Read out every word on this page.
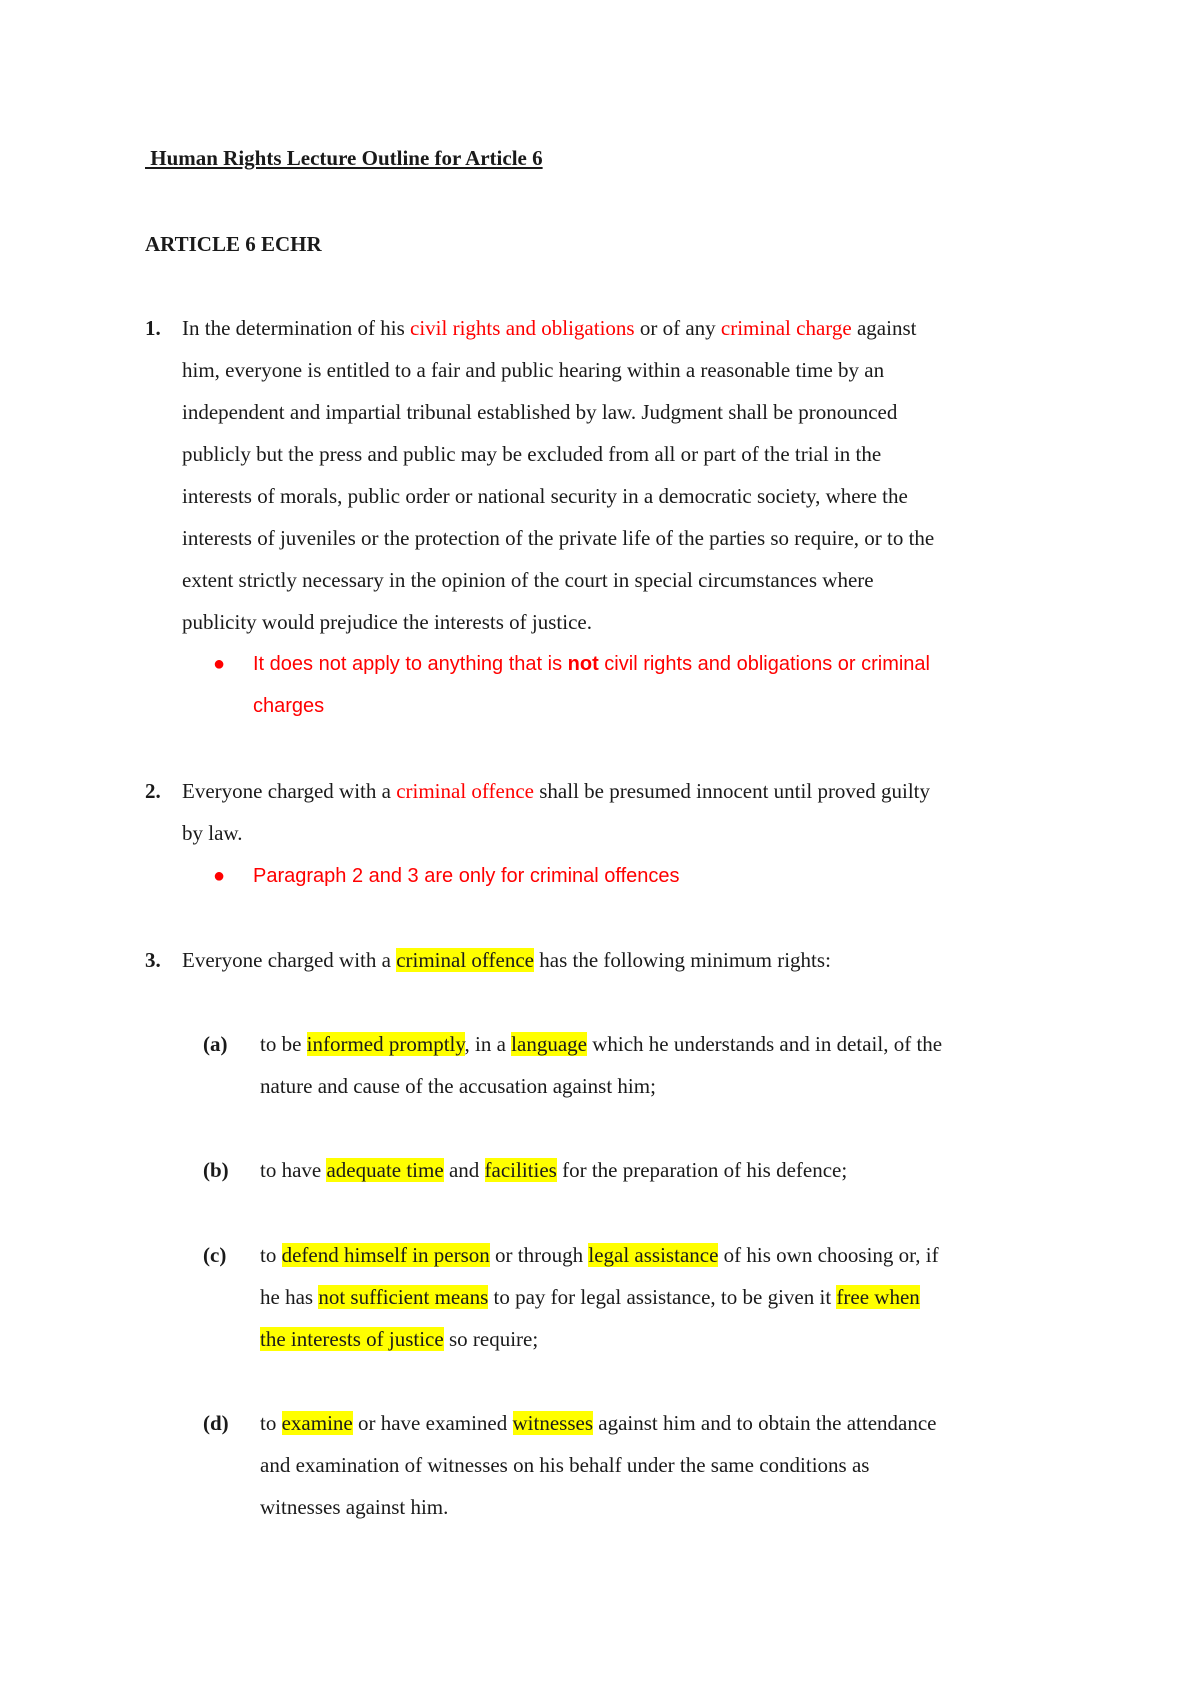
Human Rights Lecture Outline for Article 6
ARTICLE 6 ECHR
1. In the determination of his civil rights and obligations or of any criminal charge against
him, everyone is entitled to a fair and public hearing within a reasonable time by an
independent and impartial tribunal established by law. Judgment shall be pronounced
publicly but the press and public may be excluded from all or part of the trial in the
interests of morals, public order or national security in a democratic society, where the
interests of juveniles or the protection of the private life of the parties so require, or to the
extent strictly necessary in the opinion of the court in special circumstances where
publicity would prejudice the interests of justice.
● It does not apply to anything that is not civil rights and obligations or criminal
charges
2. Everyone charged with a criminal offence shall be presumed innocent until proved guilty
by law.
● Paragraph 2 and 3 are only for criminal offences
3. Everyone charged with a criminal offence has the following minimum rights:
(a) to be informed promptly, in a language which he understands and in detail, of the
nature and cause of the accusation against him;
(b) to have adequate time and facilities for the preparation of his defence;
(c) to defend himself in person or through legal assistance of his own choosing or, if
he has not sufficient means to pay for legal assistance, to be given it free when
the interests of justice so require;
(d) to examine or have examined witnesses against him and to obtain the attendance
and examination of witnesses on his behalf under the same conditions as
witnesses against him.
